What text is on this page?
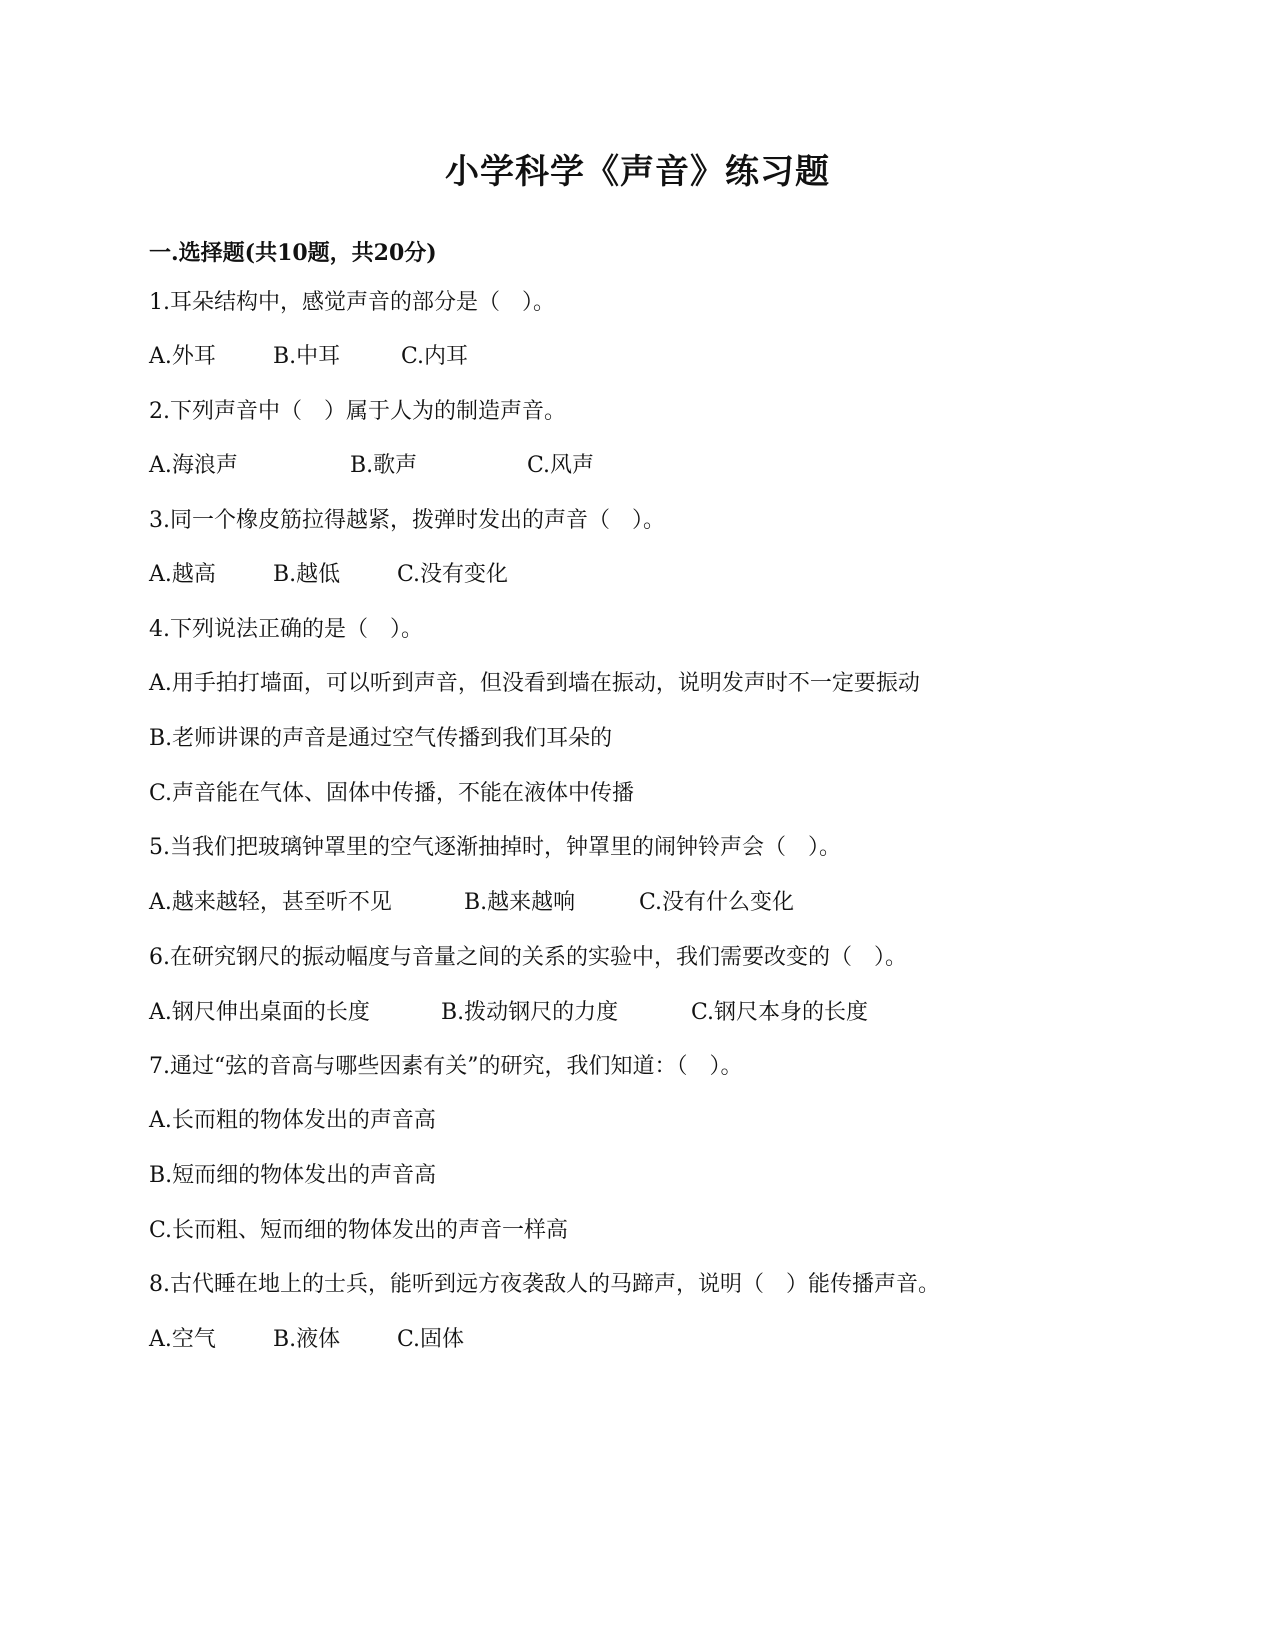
小学科学《声音》练习题
一.选择题(共10题，共20分)
1.耳朵结构中，感觉声音的部分是（　）。
A.外耳	B.中耳	C.内耳
2.下列声音中（　）属于人为的制造声音。
A.海浪声	B.歌声	C.风声
3.同一个橡皮筋拉得越紧，拨弹时发出的声音（　）。
A.越高	B.越低	C.没有变化
4.下列说法正确的是（　）。
A.用手拍打墙面，可以听到声音，但没看到墙在振动，说明发声时不一定要振动
B.老师讲课的声音是通过空气传播到我们耳朵的
C.声音能在气体、固体中传播，不能在液体中传播
5.当我们把玻璃钟罩里的空气逐渐抽掉时，钟罩里的闹钟铃声会（　）。
A.越来越轻，甚至听不见	B.越来越响	C.没有什么变化
6.在研究钢尺的振动幅度与音量之间的关系的实验中，我们需要改变的（　）。
A.钢尺伸出桌面的长度	B.拨动钢尺的力度	C.钢尺本身的长度
7.通过“弦的音高与哪些因素有关”的研究，我们知道：（　）。
A.长而粗的物体发出的声音高
B.短而细的物体发出的声音高
C.长而粗、短而细的物体发出的声音一样高
8.古代睡在地上的士兵，能听到远方夜袭敌人的马蹄声，说明（　）能传播声音。
A.空气	B.液体	C.固体
